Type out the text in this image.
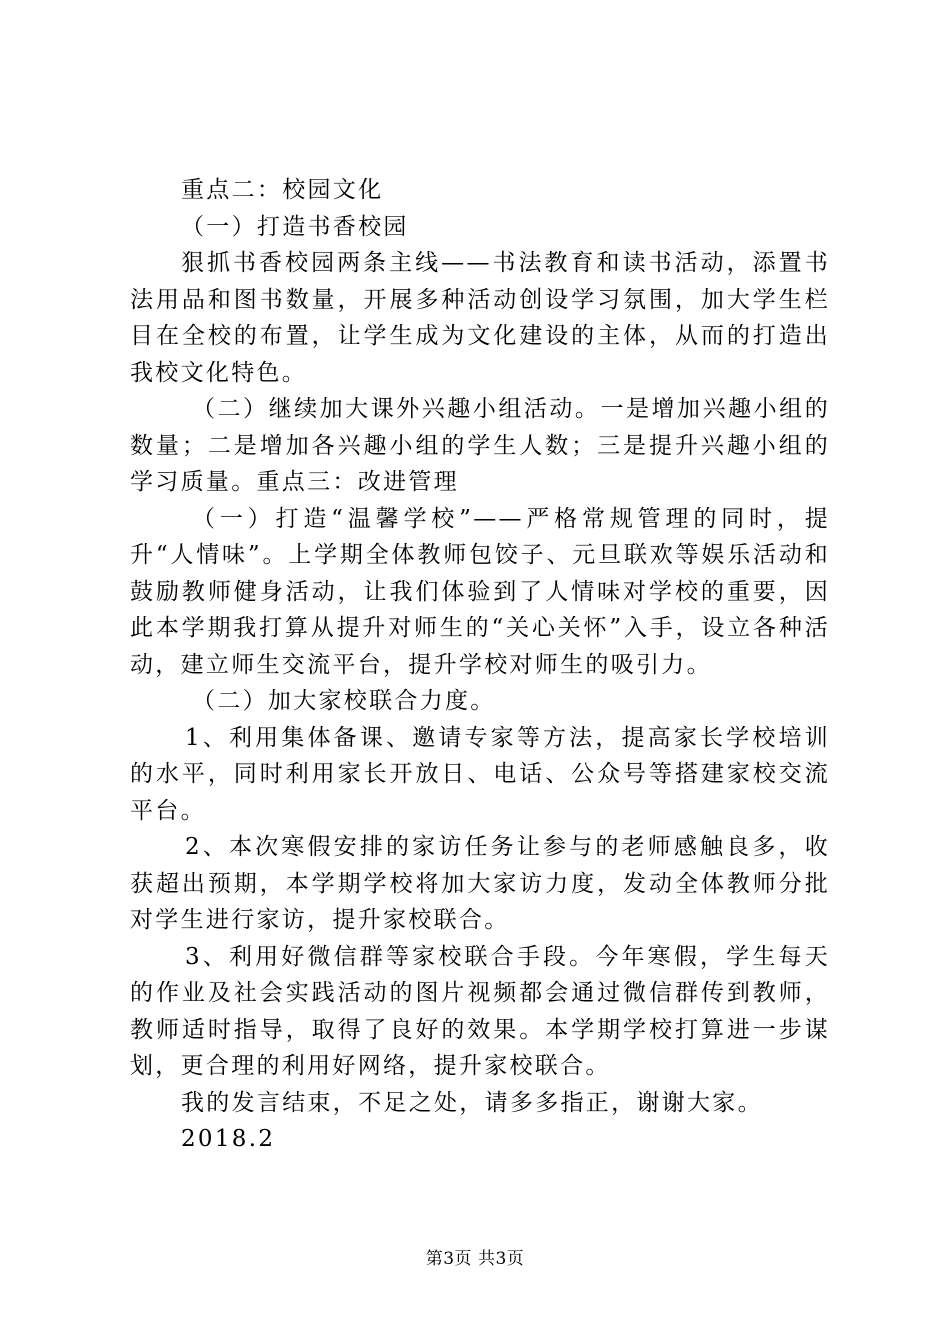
重点二：校园文化

（一）打造书香校园

狠抓书香校园两条主线——书法教育和读书活动，添置书法用品和图书数量，开展多种活动创设学习氛围，加大学生栏目在全校的布置，让学生成为文化建设的主体，从而的打造出我校文化特色。

（二）继续加大课外兴趣小组活动。一是增加兴趣小组的数量；二是增加各兴趣小组的学生人数；三是提升兴趣小组的学习质量。重点三：改进管理

（一）打造“温馨学校”——严格常规管理的同时，提升“人情味”。上学期全体教师包饺子、元旦联欢等娱乐活动和鼓励教师健身活动，让我们体验到了人情味对学校的重要，因此本学期我打算从提升对师生的“关心关怀”入手，设立各种活动，建立师生交流平台，提升学校对师生的吸引力。

（二）加大家校联合力度。

1、利用集体备课、邀请专家等方法，提高家长学校培训的水平，同时利用家长开放日、电话、公众号等搭建家校交流平台。

2、本次寒假安排的家访任务让参与的老师感触良多，收获超出预期，本学期学校将加大家访力度，发动全体教师分批对学生进行家访，提升家校联合。

3、利用好微信群等家校联合手段。今年寒假，学生每天的作业及社会实践活动的图片视频都会通过微信群传到教师，教师适时指导，取得了良好的效果。本学期学校打算进一步谋划，更合理的利用好网络，提升家校联合。

我的发言结束，不足之处，请多多指正，谢谢大家。

2018.2

第3页 共3页
